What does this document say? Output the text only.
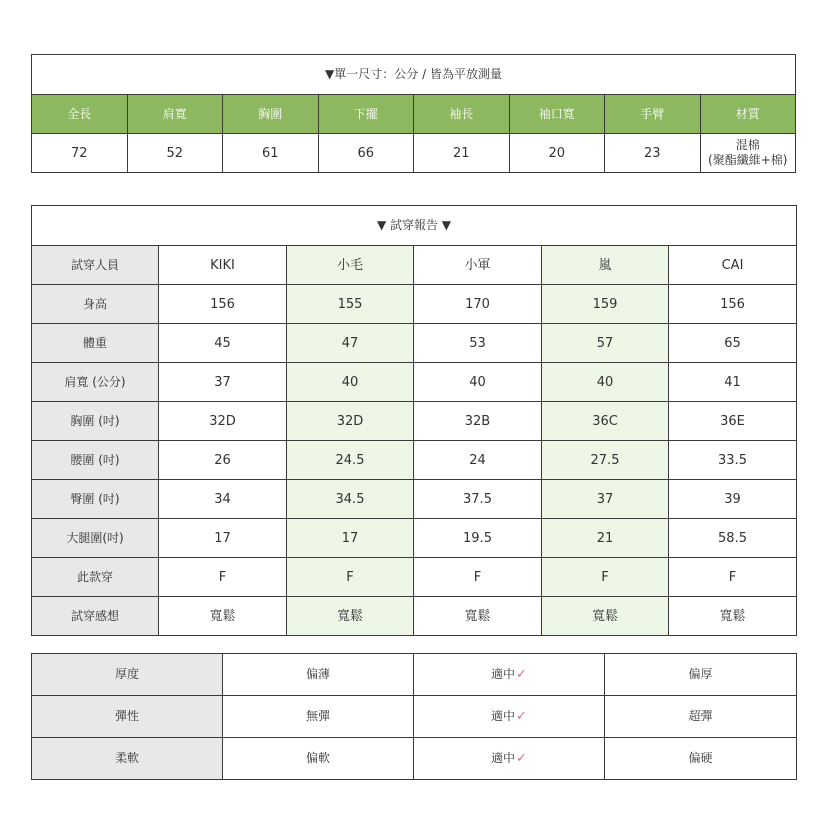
▼單一尺寸：公分 / 皆為平放測量							
全長	肩寬	胸圍	下擺	袖長	袖口寬	手臂	材質
72	52	61	66	21	20	23	混棉
(聚酯纖維+棉)
▼ 試穿報告 ▼					
試穿人員	KIKI	小毛	小軍	嵐	CAI
身高	156	155	170	159	156
體重	45	47	53	57	65
肩寬 (公分)	37	40	40	40	41
胸圍 (吋)	32D	32D	32B	36C	36E
腰圍 (吋)	26	24.5	24	27.5	33.5
臀圍 (吋)	34	34.5	37.5	37	39
大腿圍(吋)	17	17	19.5	21	58.5
此款穿	F	F	F	F	F
試穿感想	寬鬆	寬鬆	寬鬆	寬鬆	寬鬆
厚度	偏薄	適中✓	偏厚
彈性	無彈	適中✓	超彈
柔軟	偏軟	適中✓	偏硬
